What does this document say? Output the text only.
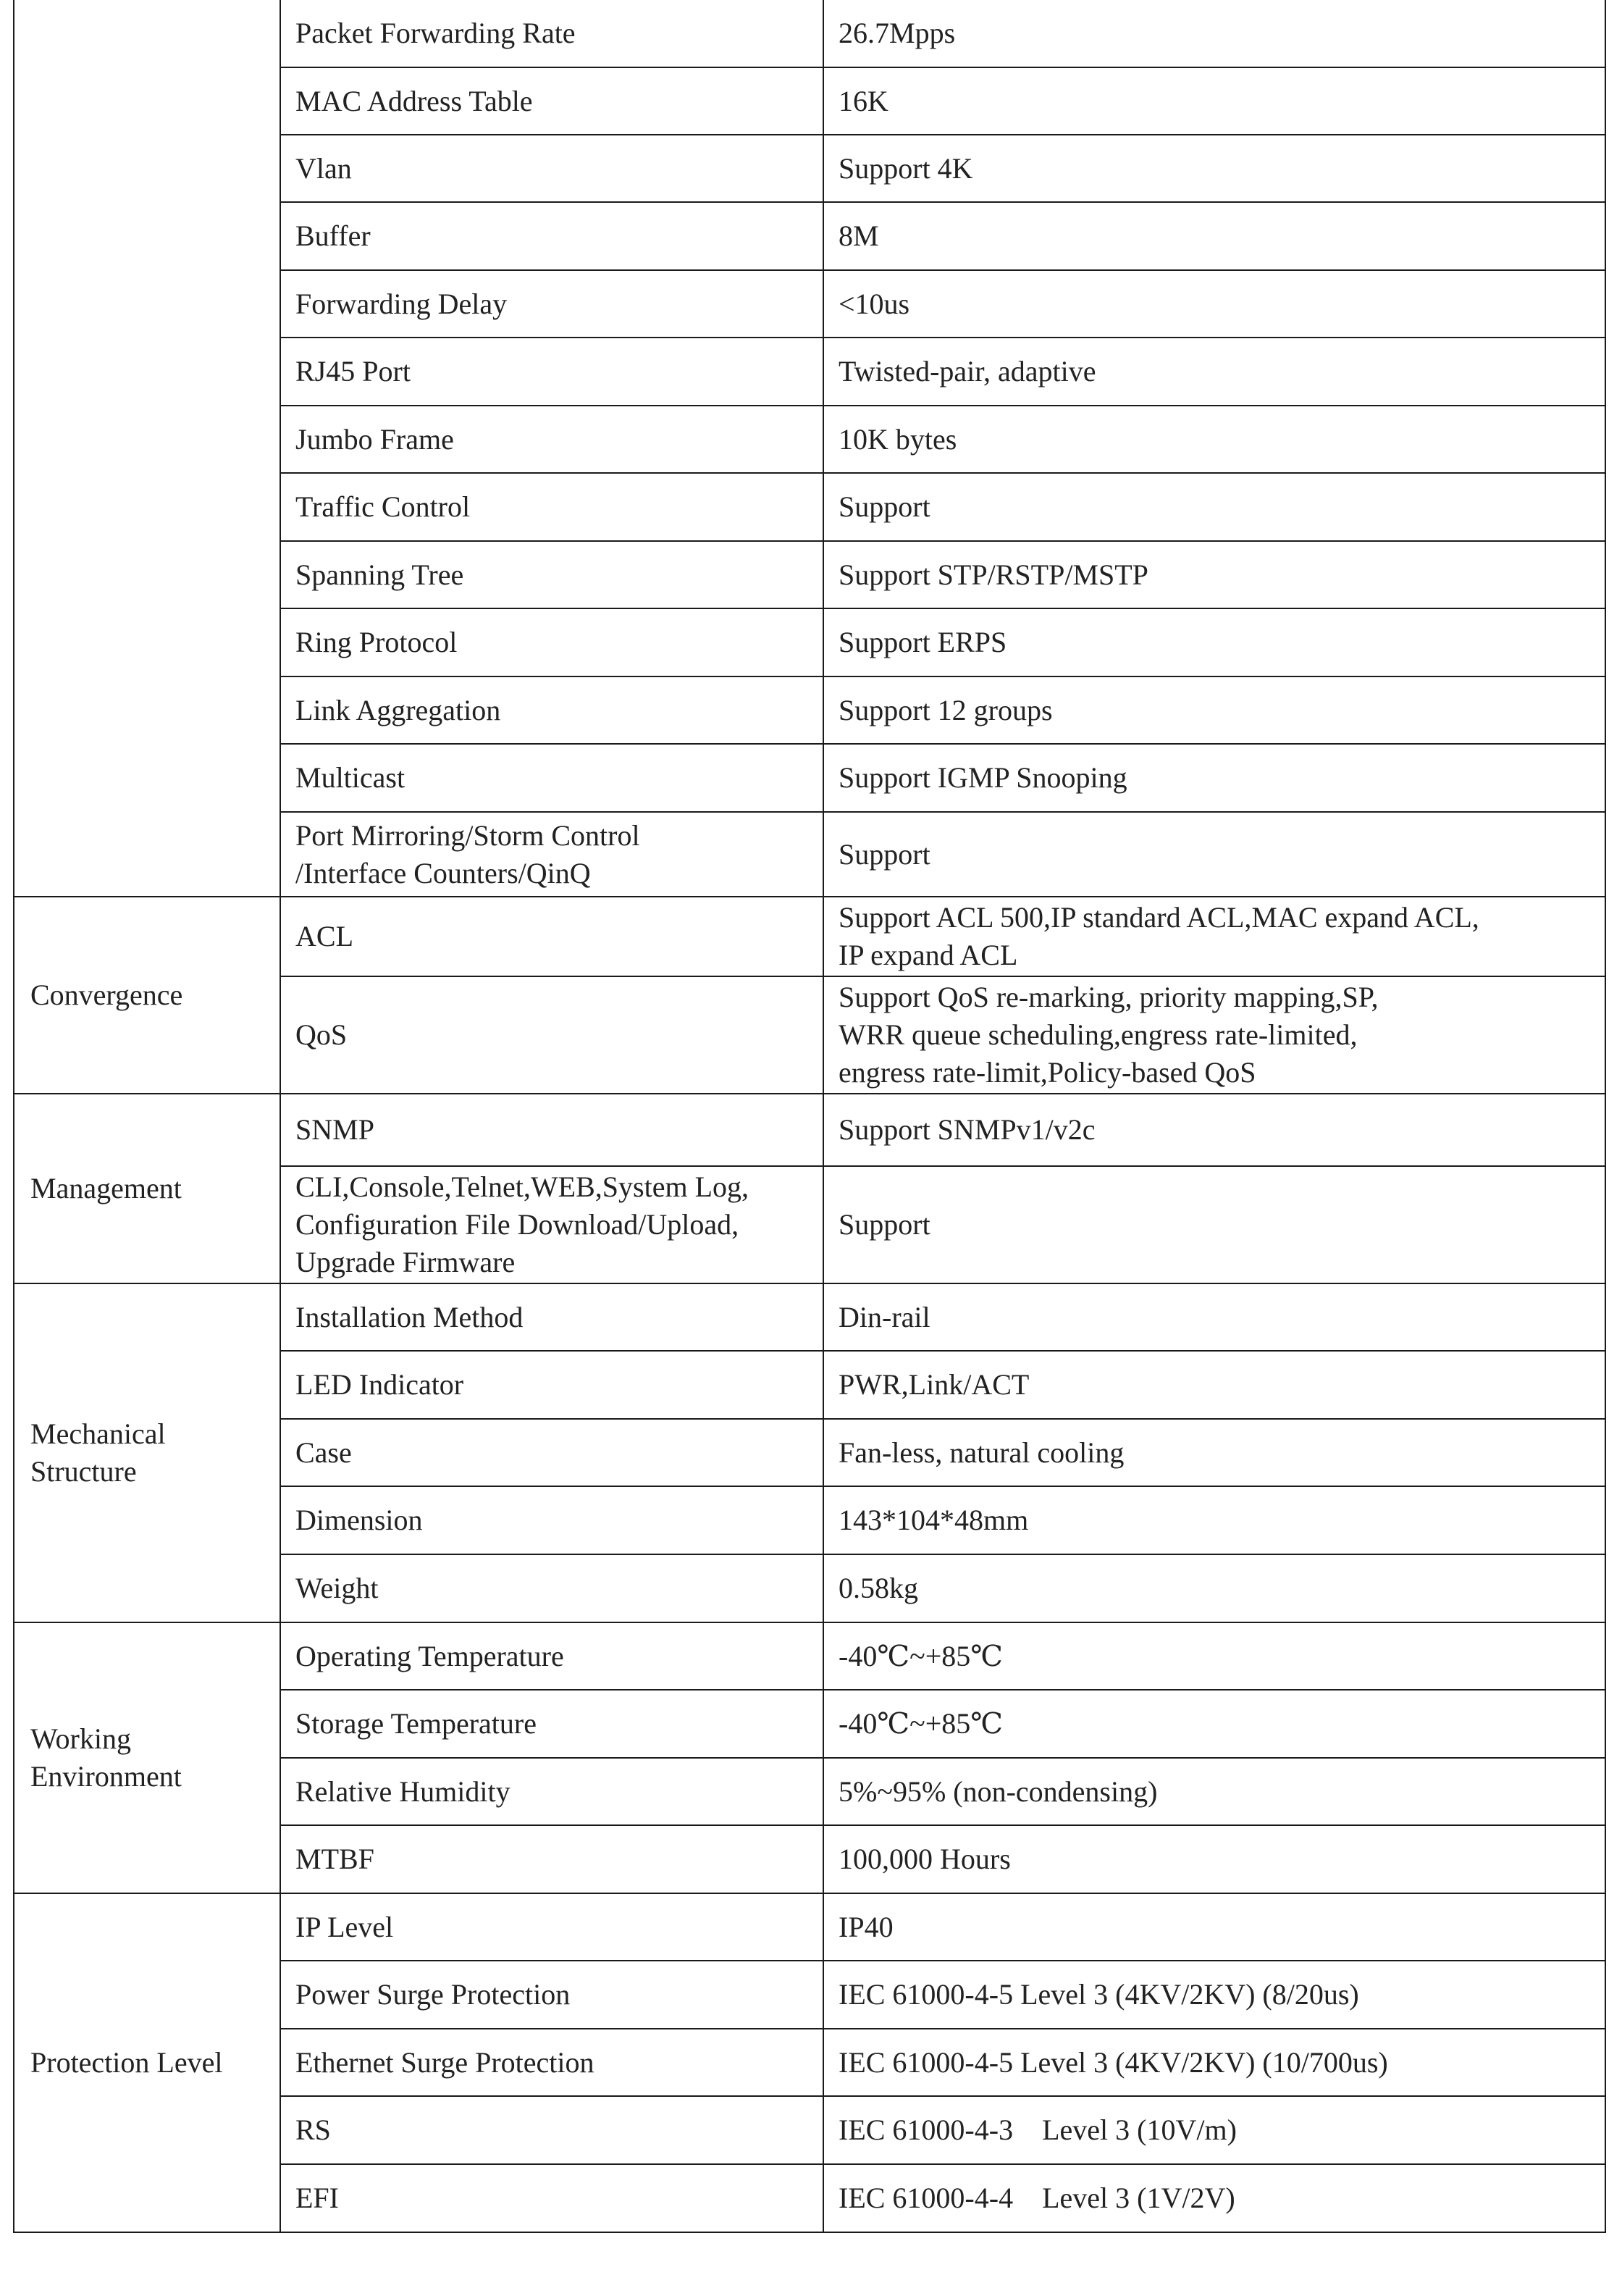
	Packet Forwarding Rate	26.7Mpps
	MAC Address Table	16K
	Vlan	Support 4K
	Buffer	8M
	Forwarding Delay	<10us
	RJ45 Port	Twisted-pair, adaptive
	Jumbo Frame	10K bytes
	Traffic Control	Support
	Spanning Tree	Support STP/RSTP/MSTP
	Ring Protocol	Support ERPS
	Link Aggregation	Support 12 groups
	Multicast	Support IGMP Snooping

	Port Mirroring/Storm Control
/Interface Counters/QinQ	Support
Convergence	ACL	Support ACL 500,IP standard ACL,MAC expand ACL,
IP expand ACL

	QoS	Support QoS re-marking, priority mapping,SP,
WRR queue scheduling,engress rate-limited,
engress rate-limit,Policy-based QoS

Management	SNMP	Support SNMPv1/v2c

	CLI,Console,Telnet,WEB,System Log,
Configuration File Download/Upload,
Upgrade Firmware	Support

Mechanical
Structure	Installation Method	Din-rail
	LED Indicator	PWR,Link/ACT
	Case	Fan-less, natural cooling
	Dimension	143*104*48mm
	Weight	0.58kg

Working
Environment	Operating Temperature	-40℃~+85℃
	Storage Temperature	-40℃~+85℃
	Relative Humidity	5%~95% (non-condensing)
	MTBF	100,000 Hours
Protection Level	IP Level	IP40
	Power Surge Protection	IEC 61000-4-5 Level 3 (4KV/2KV) (8/20us)
	Ethernet Surge Protection	IEC 61000-4-5 Level 3 (4KV/2KV) (10/700us)
	RS	IEC 61000-4-3    Level 3 (10V/m)
	EFI	IEC 61000-4-4    Level 3 (1V/2V)
